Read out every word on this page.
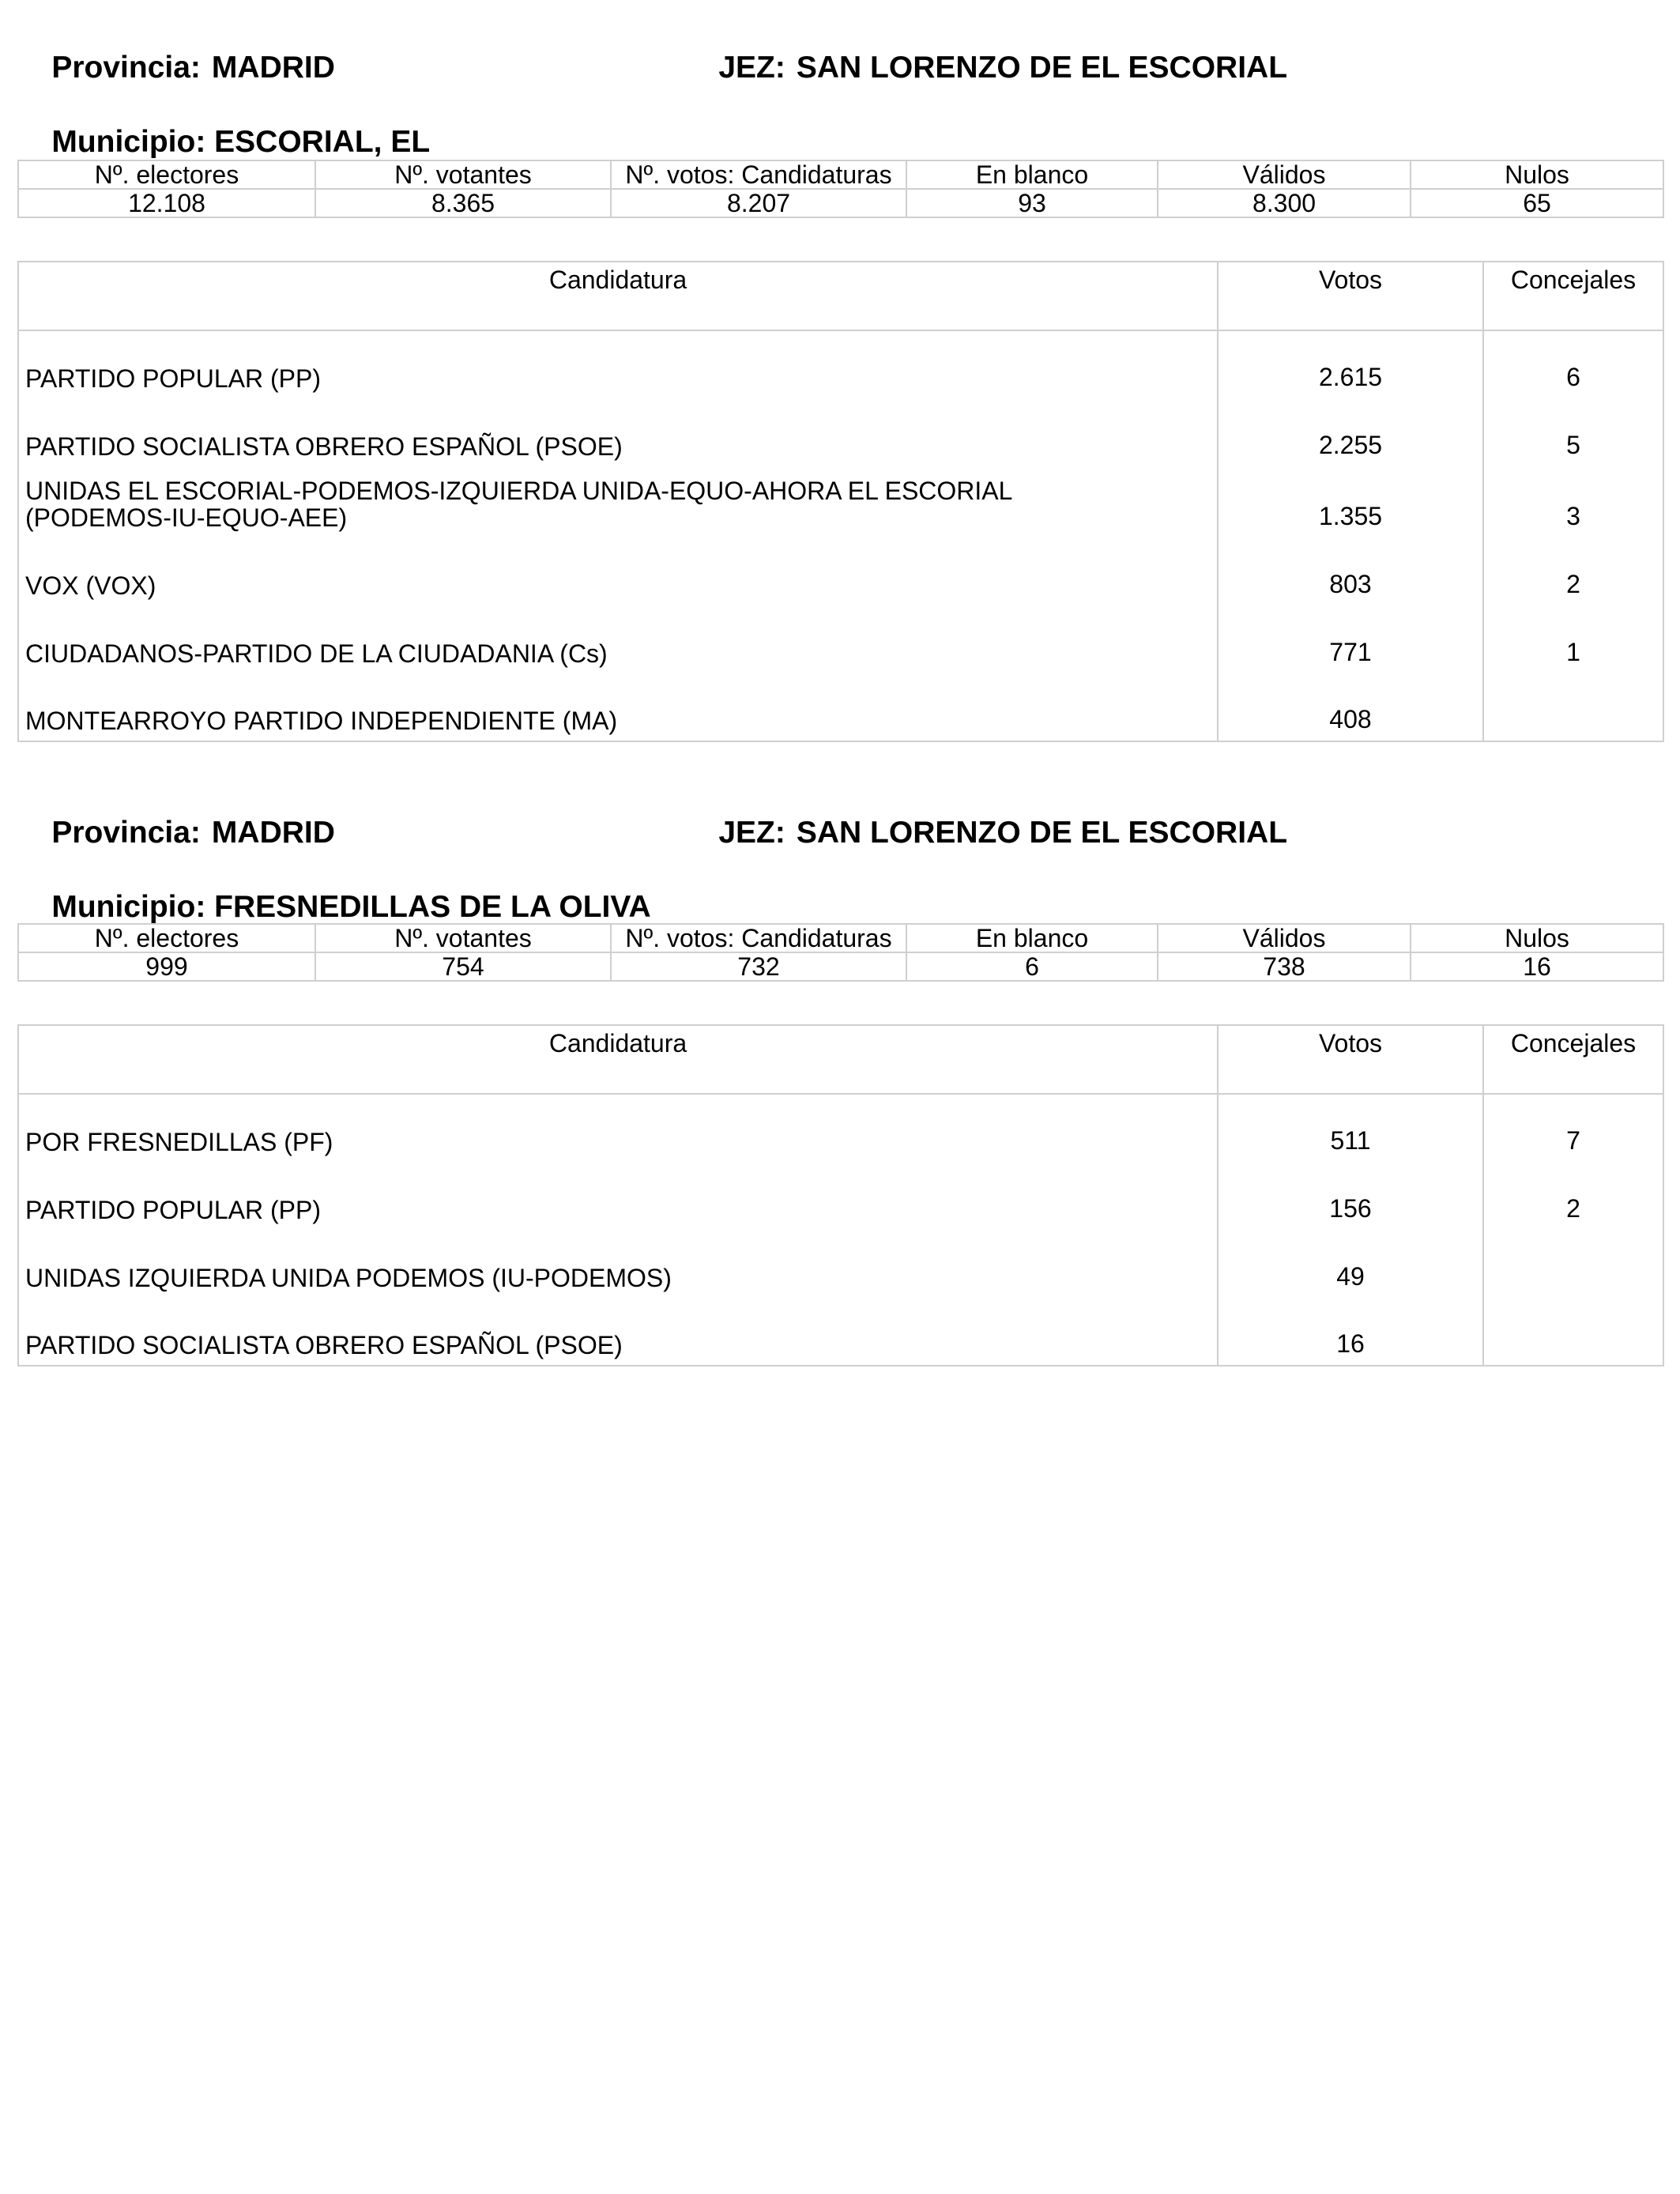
Provincia: MADRID
	JEZ: SAN LORENZO DE EL ESCORIAL

Municipio: ESCORIAL, EL

Nº. electores	Nº. votantes	Nº. votos: Candidaturas	En blanco	Válidos	Nulos
12.108	8.365	8.207	93	8.300	65
Candidatura	Votos	Concejales
PARTIDO POPULAR (PP)	2.615	6
PARTIDO SOCIALISTA OBRERO ESPAÑOL (PSOE)	2.255	5
UNIDAS EL ESCORIAL-PODEMOS-IZQUIERDA UNIDA-EQUO-AHORA EL ESCORIAL
(PODEMOS-IU-EQUO-AEE)	1.355	3
VOX (VOX)	803	2
CIUDADANOS-PARTIDO DE LA CIUDADANIA (Cs)	771	1
MONTEARROYO PARTIDO INDEPENDIENTE (MA)	408	

Provincia: MADRID
	JEZ: SAN LORENZO DE EL ESCORIAL

Municipio: FRESNEDILLAS DE LA OLIVA

Nº. electores	Nº. votantes	Nº. votos: Candidaturas	En blanco	Válidos	Nulos
999	754	732	6	738	16
Candidatura	Votos	Concejales
POR FRESNEDILLAS (PF)	511	7
PARTIDO POPULAR (PP)	156	2
UNIDAS IZQUIERDA UNIDA PODEMOS (IU-PODEMOS)	49	
PARTIDO SOCIALISTA OBRERO ESPAÑOL (PSOE)	16	
